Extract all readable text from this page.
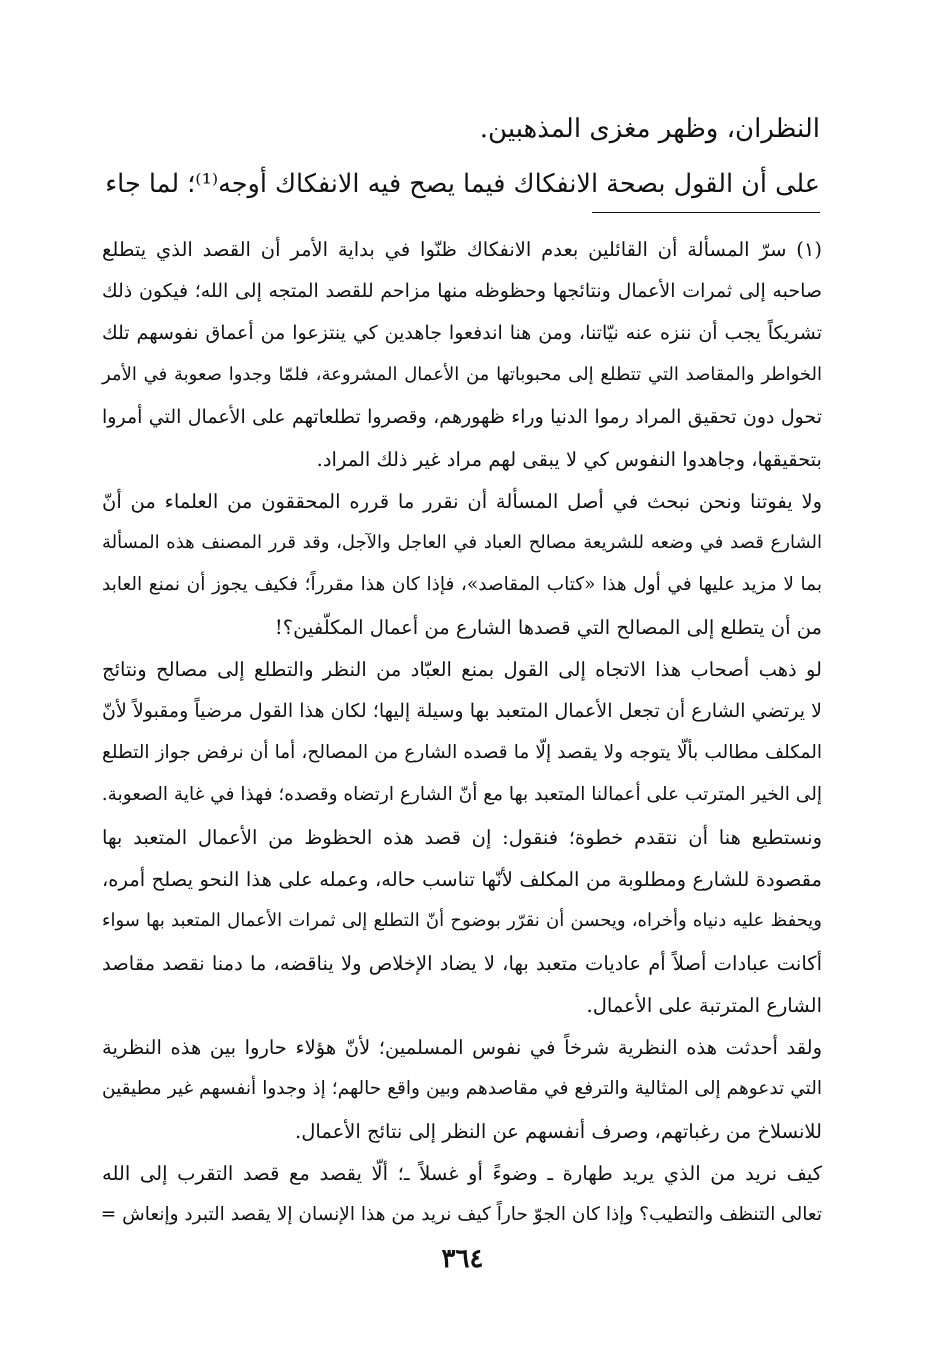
النظران، وظهر مغزى المذهبين.
على أن القول بصحة الانفكاك فيما يصح فيه الانفكاك أوجه⁽¹⁾؛ لما جاء
(١) سرّ المسألة أن القائلين بعدم الانفكاك ظنّوا في بداية الأمر أن القصد الذي يتطلع
صاحبه إلى ثمرات الأعمال ونتائجها وحظوظه منها مزاحم للقصد المتجه إلى الله؛ فيكون ذلك
تشريكاً يجب أن ننزه عنه نيّاتنا، ومن هنا اندفعوا جاهدين كي ينتزعوا من أعماق نفوسهم تلك
الخواطر والمقاصد التي تتطلع إلى محبوباتها من الأعمال المشروعة، فلمّا وجدوا صعوبة في الأمر
تحول دون تحقيق المراد رموا الدنيا وراء ظهورهم، وقصروا تطلعاتهم على الأعمال التي أمروا
بتحقيقها، وجاهدوا النفوس كي لا يبقى لهم مراد غير ذلك المراد.
ولا يفوتنا ونحن نبحث في أصل المسألة أن نقرر ما قرره المحققون من العلماء من أنّ
الشارع قصد في وضعه للشريعة مصالح العباد في العاجل والآجل، وقد قرر المصنف هذه المسألة
بما لا مزيد عليها في أول هذا «كتاب المقاصد»، فإذا كان هذا مقرراً؛ فكيف يجوز أن نمنع العابد
من أن يتطلع إلى المصالح التي قصدها الشارع من أعمال المكلّفين؟!
لو ذهب أصحاب هذا الاتجاه إلى القول بمنع العبّاد من النظر والتطلع إلى مصالح ونتائج
لا يرتضي الشارع أن تجعل الأعمال المتعبد بها وسيلة إليها؛ لكان هذا القول مرضياً ومقبولاً لأنّ
المكلف مطالب بألّا يتوجه ولا يقصد إلّا ما قصده الشارع من المصالح، أما أن نرفض جواز التطلع
إلى الخير المترتب على أعمالنا المتعبد بها مع أنّ الشارع ارتضاه وقصده؛ فهذا في غاية الصعوبة.
ونستطيع هنا أن نتقدم خطوة؛ فنقول: إن قصد هذه الحظوظ من الأعمال المتعبد بها
مقصودة للشارع ومطلوبة من المكلف لأنّها تناسب حاله، وعمله على هذا النحو يصلح أمره،
ويحفظ عليه دنياه وأخراه، ويحسن أن نقرّر بوضوح أنّ التطلع إلى ثمرات الأعمال المتعبد بها سواء
أكانت عبادات أصلاً أم عاديات متعبد بها، لا يضاد الإخلاص ولا يناقضه، ما دمنا نقصد مقاصد
الشارع المترتبة على الأعمال.
ولقد أحدثت هذه النظرية شرخاً في نفوس المسلمين؛ لأنّ هؤلاء حاروا بين هذه النظرية
التي تدعوهم إلى المثالية والترفع في مقاصدهم وبين واقع حالهم؛ إذ وجدوا أنفسهم غير مطيقين
للانسلاخ من رغباتهم، وصرف أنفسهم عن النظر إلى نتائج الأعمال.
كيف نريد من الذي يريد طهارة ـ وضوءً أو غسلاً ـ؛ ألّا يقصد مع قصد التقرب إلى الله
تعالى التنظف والتطيب؟ وإذا كان الجوّ حاراً كيف نريد من هذا الإنسان إلا يقصد التبرد وإنعاش =
٣٦٤
